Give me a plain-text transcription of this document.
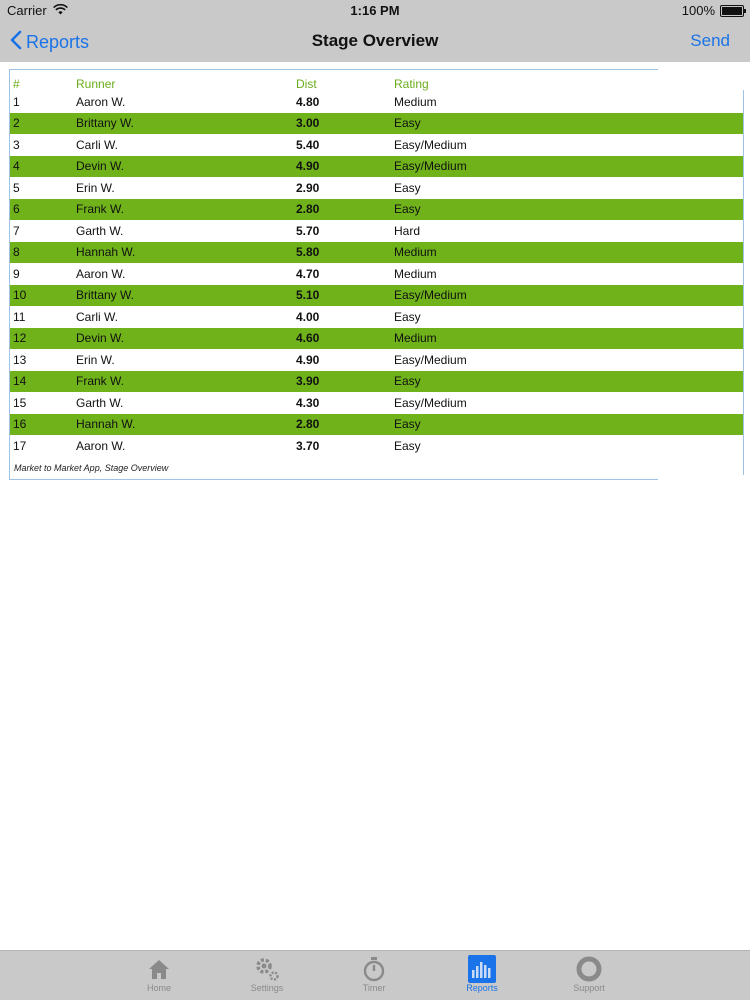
Carrier	1:16 PM	100%
Reports	Stage Overview	Send
#	Runner	Dist	Rating
1	Aaron W.	4.80	Medium
2	Brittany W.	3.00	Easy
3	Carli W.	5.40	Easy/Medium
4	Devin W.	4.90	Easy/Medium
5	Erin W.	2.90	Easy
6	Frank W.	2.80	Easy
7	Garth W.	5.70	Hard
8	Hannah W.	5.80	Medium
9	Aaron W.	4.70	Medium
10	Brittany W.	5.10	Easy/Medium
11	Carli W.	4.00	Easy
12	Devin W.	4.60	Medium
13	Erin W.	4.90	Easy/Medium
14	Frank W.	3.90	Easy
15	Garth W.	4.30	Easy/Medium
16	Hannah W.	2.80	Easy
17	Aaron W.	3.70	Easy
Market to Market App, Stage Overview
Home	Settings	Timer	Reports	Support
